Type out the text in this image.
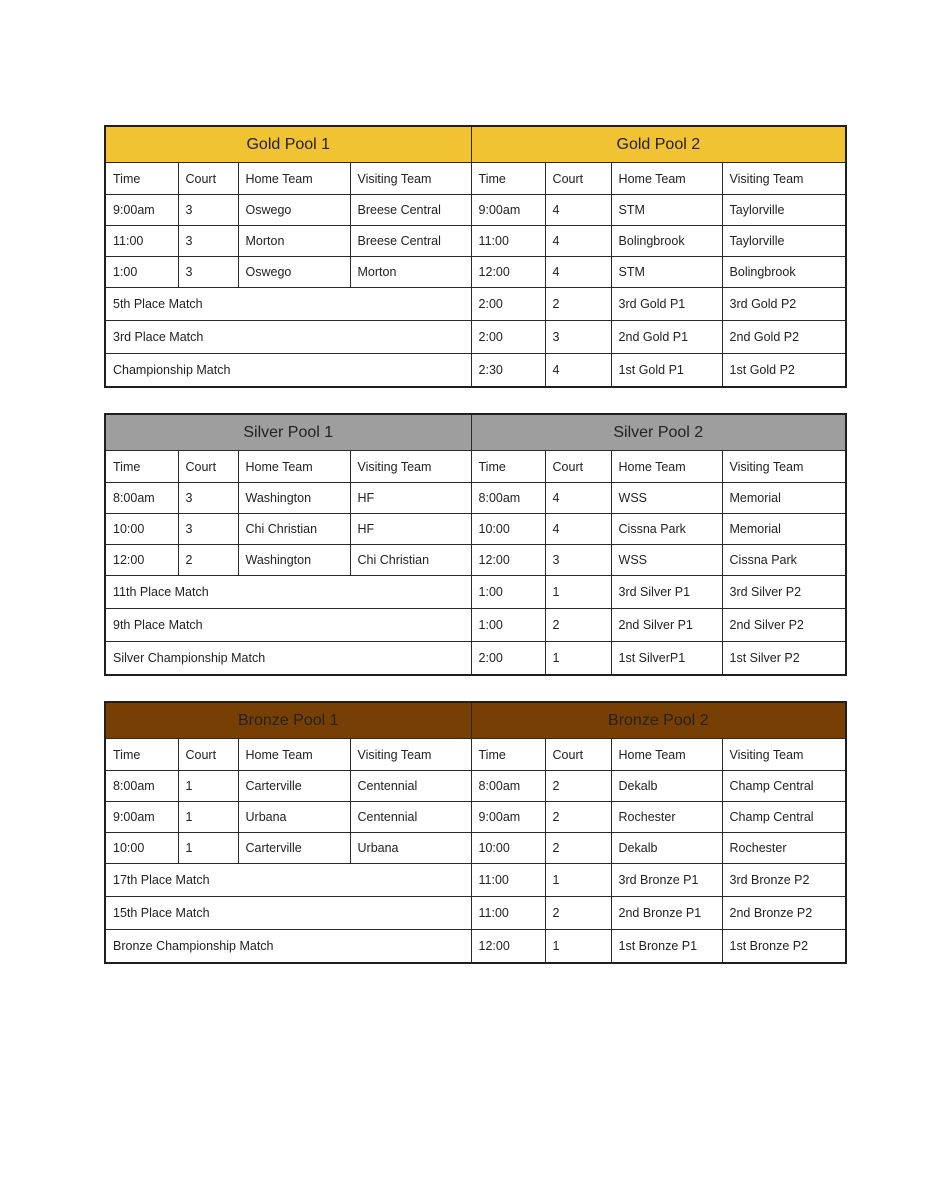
Gold Pool 1				Gold Pool 2			
Time	Court	Home Team	Visiting Team	Time	Court	Home Team	Visiting Team
9:00am	3	Oswego	Breese Central	9:00am	4	STM	Taylorville
11:00	3	Morton	Breese Central	11:00	4	Bolingbrook	Taylorville
1:00	3	Oswego	Morton	12:00	4	STM	Bolingbrook
5th Place Match				2:00	2	3rd Gold P1	3rd Gold P2
3rd Place Match				2:00	3	2nd Gold P1	2nd Gold P2
Championship Match				2:30	4	1st Gold P1	1st Gold P2
Silver Pool 1				Silver Pool 2			
Time	Court	Home Team	Visiting Team	Time	Court	Home Team	Visiting Team
8:00am	3	Washington	HF	8:00am	4	WSS	Memorial
10:00	3	Chi Christian	HF	10:00	4	Cissna Park	Memorial
12:00	2	Washington	Chi Christian	12:00	3	WSS	Cissna Park
11th Place Match				1:00	1	3rd Silver P1	3rd Silver P2
9th Place Match				1:00	2	2nd Silver P1	2nd Silver P2
Silver Championship Match				2:00	1	1st SilverP1	1st Silver P2
Bronze Pool 1				Bronze Pool 2			
Time	Court	Home Team	Visiting Team	Time	Court	Home Team	Visiting Team
8:00am	1	Carterville	Centennial	8:00am	2	Dekalb	Champ Central
9:00am	1	Urbana	Centennial	9:00am	2	Rochester	Champ Central
10:00	1	Carterville	Urbana	10:00	2	Dekalb	Rochester
17th Place Match				11:00	1	3rd Bronze P1	3rd Bronze P2
15th Place Match				11:00	2	2nd Bronze P1	2nd Bronze P2
Bronze Championship Match				12:00	1	1st Bronze P1	1st Bronze P2
